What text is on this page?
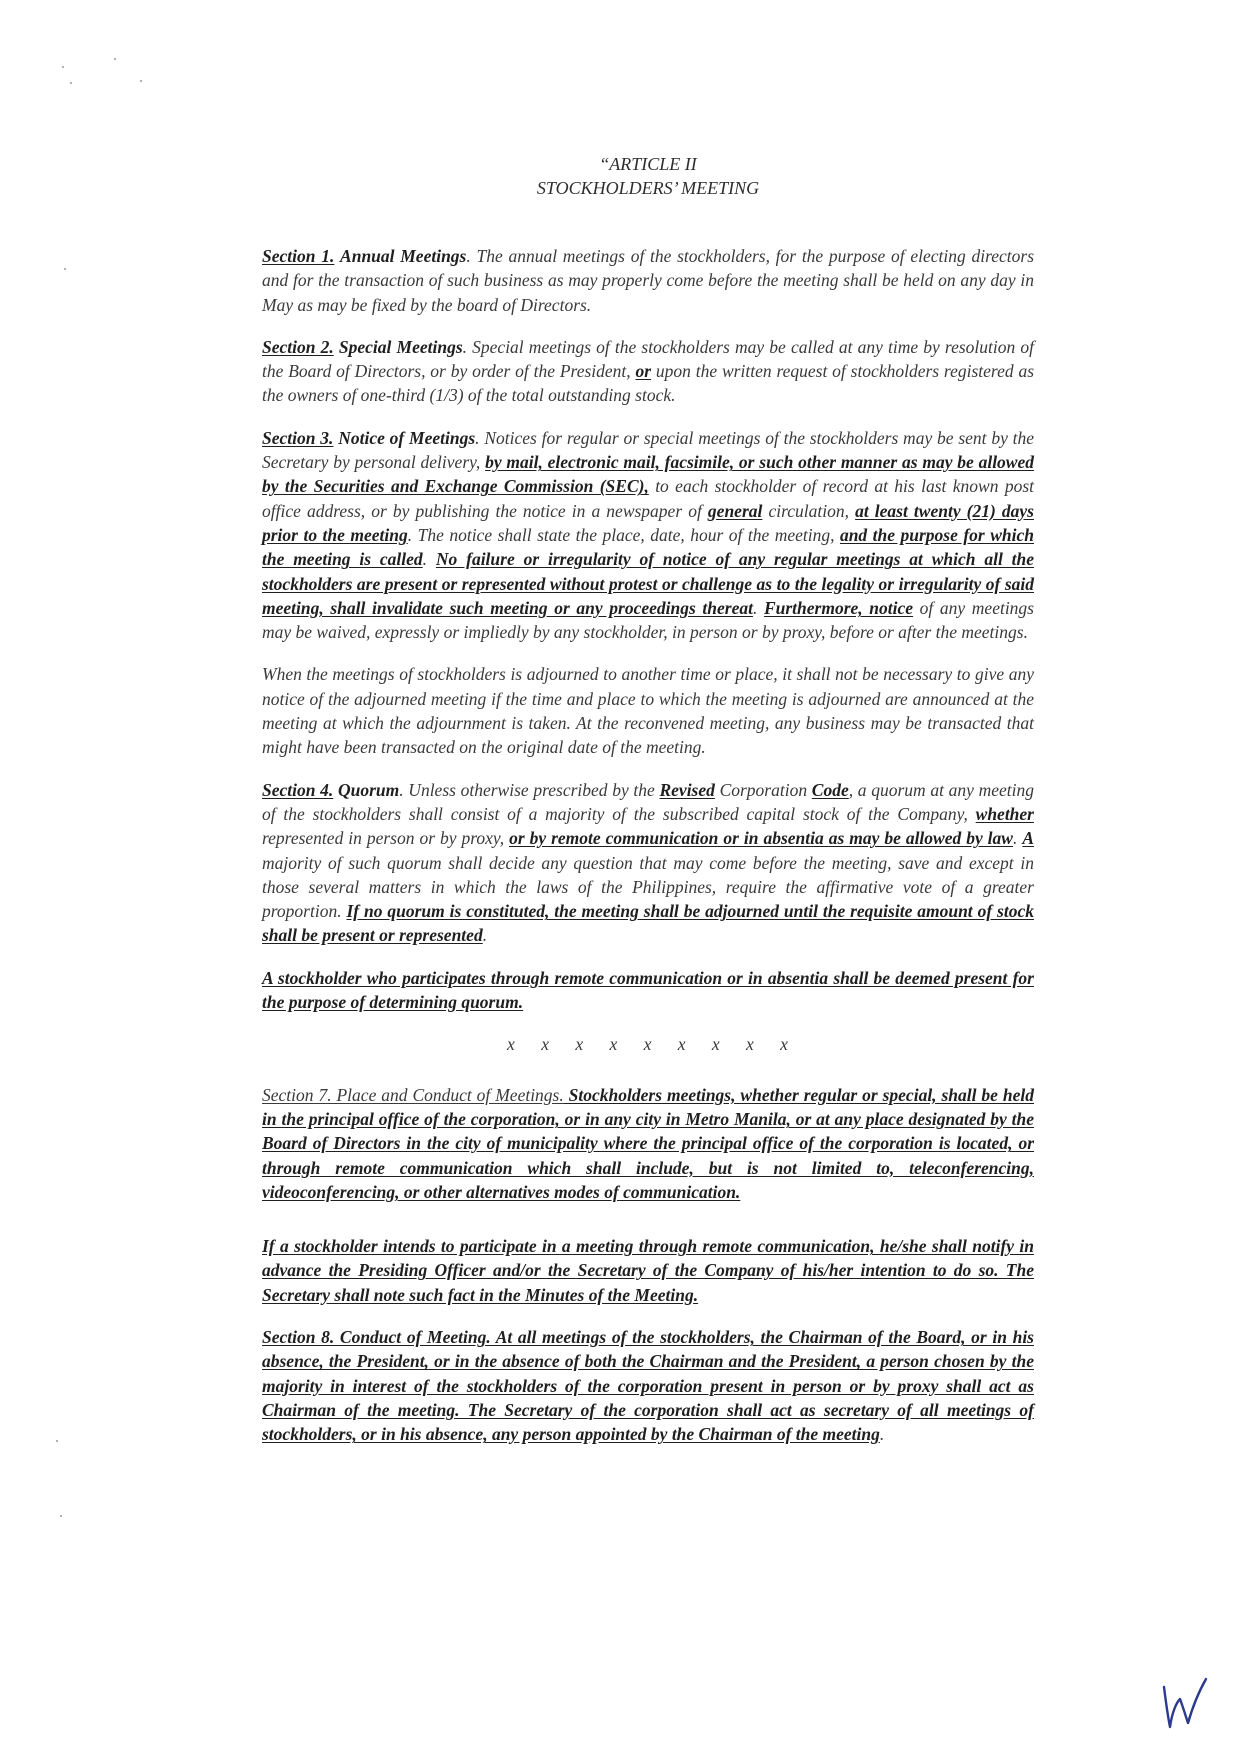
“ARTICLE II
STOCKHOLDERS’ MEETING

Section 1. Annual Meetings. The annual meetings of the stockholders, for the purpose of electing directors and for the transaction of such business as may properly come before the meeting shall be held on any day in May as may be fixed by the board of Directors.

Section 2. Special Meetings. Special meetings of the stockholders may be called at any time by resolution of the Board of Directors, or by order of the President, or upon the written request of stockholders registered as the owners of one-third (1/3) of the total outstanding stock.

Section 3. Notice of Meetings. Notices for regular or special meetings of the stockholders may be sent by the Secretary by personal delivery, by mail, electronic mail, facsimile, or such other manner as may be allowed by the Securities and Exchange Commission (SEC), to each stockholder of record at his last known post office address, or by publishing the notice in a newspaper of general circulation, at least twenty (21) days prior to the meeting. The notice shall state the place, date, hour of the meeting, and the purpose for which the meeting is called. No failure or irregularity of notice of any regular meetings at which all the stockholders are present or represented without protest or challenge as to the legality or irregularity of said meeting, shall invalidate such meeting or any proceedings thereat. Furthermore, notice of any meetings may be waived, expressly or impliedly by any stockholder, in person or by proxy, before or after the meetings.

When the meetings of stockholders is adjourned to another time or place, it shall not be necessary to give any notice of the adjourned meeting if the time and place to which the meeting is adjourned are announced at the meeting at which the adjournment is taken. At the reconvened meeting, any business may be transacted that might have been transacted on the original date of the meeting.

Section 4. Quorum. Unless otherwise prescribed by the Revised Corporation Code, a quorum at any meeting of the stockholders shall consist of a majority of the subscribed capital stock of the Company, whether represented in person or by proxy, or by remote communication or in absentia as may be allowed by law. A majority of such quorum shall decide any question that may come before the meeting, save and except in those several matters in which the laws of the Philippines, require the affirmative vote of a greater proportion. If no quorum is constituted, the meeting shall be adjourned until the requisite amount of stock shall be present or represented.

A stockholder who participates through remote communication or in absentia shall be deemed present for the purpose of determining quorum.

x x x x x x x x x

Section 7. Place and Conduct of Meetings. Stockholders meetings, whether regular or special, shall be held in the principal office of the corporation, or in any city in Metro Manila, or at any place designated by the Board of Directors in the city of municipality where the principal office of the corporation is located, or through remote communication which shall include, but is not limited to, teleconferencing, videoconferencing, or other alternatives modes of communication.

If a stockholder intends to participate in a meeting through remote communication, he/she shall notify in advance the Presiding Officer and/or the Secretary of the Company of his/her intention to do so. The Secretary shall note such fact in the Minutes of the Meeting.

Section 8. Conduct of Meeting. At all meetings of the stockholders, the Chairman of the Board, or in his absence, the President, or in the absence of both the Chairman and the President, a person chosen by the majority in interest of the stockholders of the corporation present in person or by proxy shall act as Chairman of the meeting. The Secretary of the corporation shall act as secretary of all meetings of stockholders, or in his absence, any person appointed by the Chairman of the meeting.
